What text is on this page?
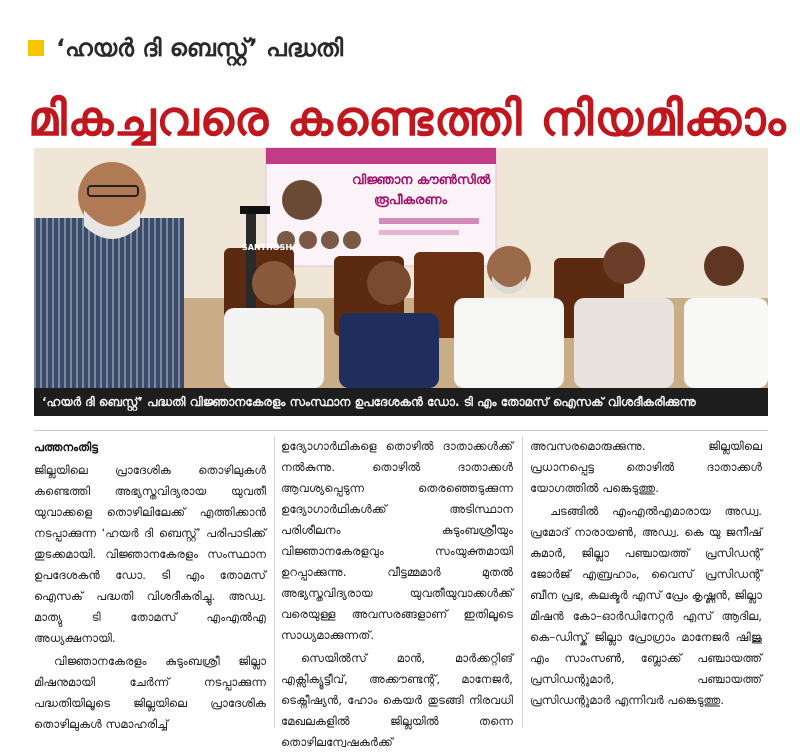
‘ഹയർ ദി ബെസ്റ്റ്’ പദ്ധതി
മികച്ചവരെ കണ്ടെത്തി നിയമിക്കാം
വിജ്ഞാന കൗൺസിൽ
രൂപീകരണം
SANTHOSH
‘ഹയർ ദി ബെസ്റ്റ്’ പദ്ധതി വിജ്ഞാനകേരളം സംസ്ഥാന ഉപദേശകൻ ഡോ. ടി എം തോമസ് ഐസക് വിശദീകരിക്കുന്നു
പത്തനംതിട്ട

ജില്ലയിലെ പ്രാദേശിക തൊഴിലുകൾ കണ്ടെത്തി അഭ്യസ്തവിദ്യരായ യുവതീ യുവാക്കളെ തൊഴിലിലേക്ക് എത്തിക്കാൻ നടപ്പാക്കുന്ന ‘ഹയർ ദി ബെസ്റ്റ്’ പരിപാടിക്ക് തുടക്കമായി. വിജ്ഞാനകേരളം സംസ്ഥാന ഉപദേശകൻ ഡോ. ടി എം തോമസ് ഐസക് പദ്ധതി വിശദീകരിച്ചു. അഡ്വ. മാത്യു ടി തോമസ് എംഎൽഎ അധ്യക്ഷനായി.

വിജ്ഞാനകേരളം കുടുംബശ്രീ ജില്ലാ മിഷനുമായി ചേർന്ന് നടപ്പാക്കുന്ന പദ്ധതിയിലൂടെ ജില്ലയിലെ പ്രാദേശിക തൊഴിലുകൾ സമാഹരിച്ച്

ഉദ്യോഗാർഥികളെ തൊഴിൽ ദാതാക്കൾക്ക് നൽകുന്നു. തൊഴിൽ ദാതാക്കൾ ആവശ്യപ്പെടുന്ന തെരഞ്ഞെടുക്കുന്ന ഉദ്യോഗാർഥികൾക്ക് അടിസ്ഥാന പരിശീലനം കുടുംബശ്രീയും വിജ്ഞാനകേരളവും സംയുക്തമായി ഉറപ്പാക്കുന്നു. വീട്ടമ്മമാർ മുതൽ അഭ്യസ്തവിദ്യരായ യുവതീയുവാക്കൾക്ക് വരെയുള്ള അവസരങ്ങളാണ് ഇതിലൂടെ സാധ്യമാക്കുന്നത്.

സെയിൽസ് മാൻ, മാർക്കറ്റിങ് എക്സിക്യൂട്ടീവ്, അക്കൗണ്ടന്റ്, മാനേജർ, ടെക്നീഷ്യൻ, ഹോം കെയർ തുടങ്ങി നിരവധി മേഖലകളിൽ ജില്ലയിൽ തന്നെ തൊഴിലന്വേഷകർക്ക്

അവസരമൊരുക്കുന്നു. ജില്ലയിലെ പ്രധാനപ്പെട്ട തൊഴിൽ ദാതാക്കൾ യോഗത്തിൽ പങ്കെടുത്തു.

ചടങ്ങിൽ എംഎൽഎമാരായ അഡ്വ. പ്രമോദ് നാരായൺ, അഡ്വ. കെ യു ജനീഷ് കുമാർ, ജില്ലാ പഞ്ചായത്ത് പ്രസിഡന്റ് ജോർജ് എബ്രഹാം, വൈസ് പ്രസിഡന്റ് ബീന പ്രഭ, കലക്ടർ എസ് പ്രേം കൃഷ്ണൻ, ജില്ലാ മിഷൻ കോ–ഓർഡിനേറ്റർ എസ് ആദില, കെ–ഡിസ്ക് ജില്ലാ പ്രോഗ്രാം മാനേജർ ഷിജു എം സാംസൺ, ബ്ലോക്ക് പഞ്ചായത്ത് പ്രസിഡന്റുമാർ, പഞ്ചായത്ത് പ്രസിഡന്റുമാർ എന്നിവർ പങ്കെടുത്തു.
